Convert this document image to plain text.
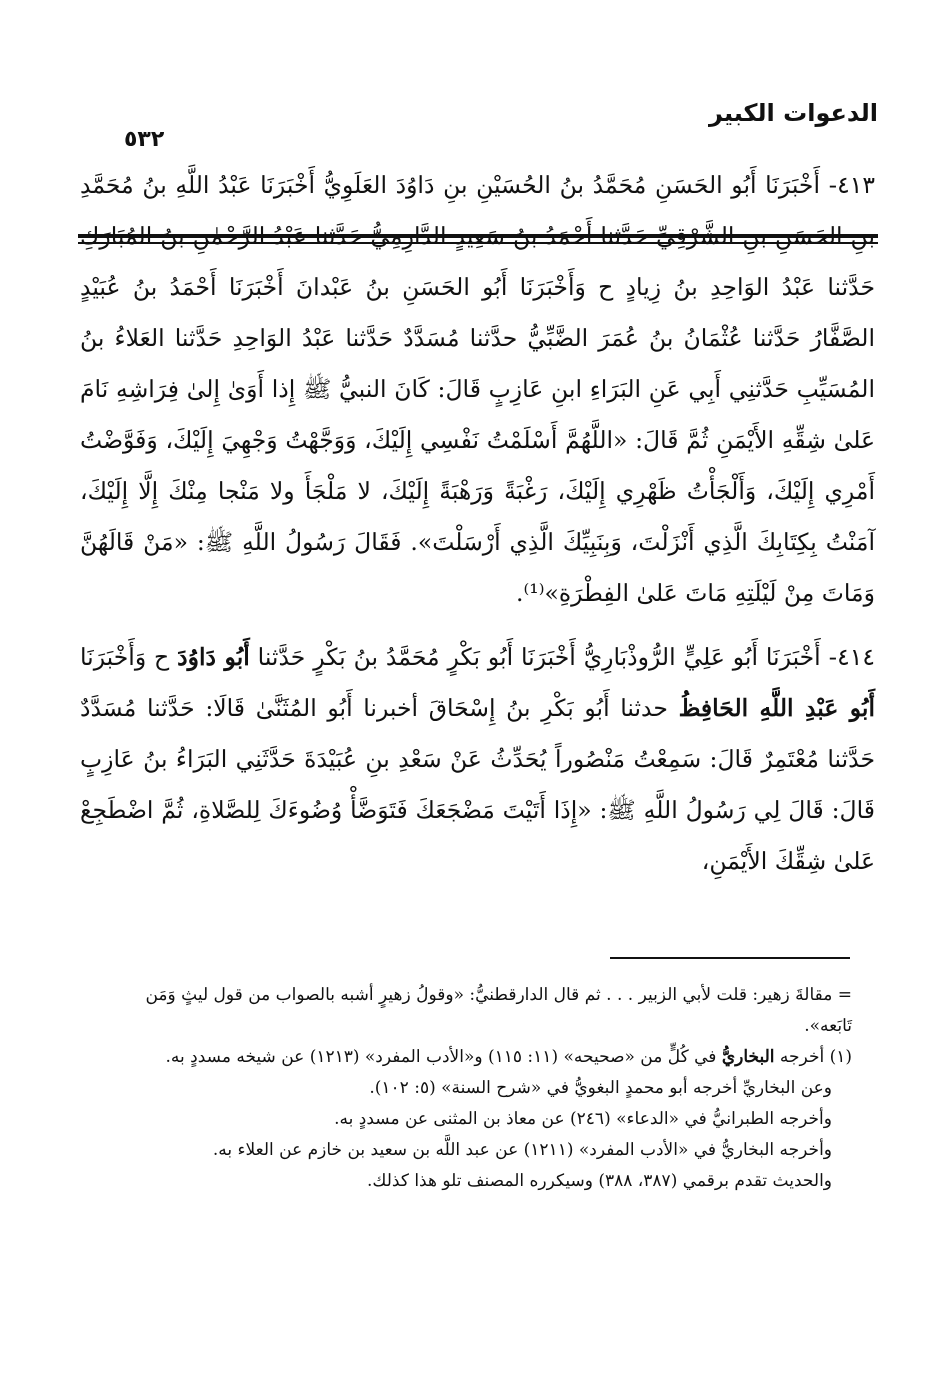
الدعوات الكبير
٥٣٢

٤١٣- أَخْبَرَنَا أَبُو الحَسَنِ مُحَمَّدُ بنُ الحُسَيْنِ بنِ دَاوُدَ العَلَوِيُّ أَخْبَرَنَا عَبْدُ اللَّهِ بنُ مُحَمَّدِ بنِ الحَسَنِ بنِ الشَّرْقِيِّ حَدَّثنا أَحْمَدُ بنُ سَعِيدٍ الدَّارِمِيُّ حَدَّثنا عَبْدُ الرَّحْمٰنِ بنُ المُبَارَكِ حَدَّثنا عَبْدُ الوَاحِدِ بنُ زِيادٍ ح وَأَخْبَرَنَا أَبُو الحَسَنِ بنُ عَبْدانَ أَخْبَرَنَا أَحْمَدُ بنُ عُبَيْدٍ الصَّفَّارُ حَدَّثنا عُثْمَانُ بنُ عُمَرَ الضَّبِّيُّ حدَّثنا مُسَدَّدٌ حَدَّثنا عَبْدُ الوَاحِدِ حَدَّثنا العَلاءُ بنُ المُسَيِّبِ حَدَّثنِي أَبِي عَنِ البَرَاءِ ابنِ عَازِبٍ قَالَ: كَانَ النبيُّ ﷺ إِذا أَوَىٰ إِلىٰ فِرَاشِهِ نَامَ عَلىٰ شِقِّهِ الأَيْمَنِ ثُمَّ قَالَ: «اللَّهُمَّ أَسْلَمْتُ نَفْسِي إِلَيْكَ، وَوَجَّهْتُ وَجْهِيَ إِلَيْكَ، وَفَوَّضْتُ أَمْرِي إِلَيْكَ، وَأَلْجَأْتُ ظَهْرِي إِلَيْكَ، رَغْبَةً وَرَهْبَةً إِلَيْكَ، لا مَلْجَأَ ولا مَنْجا مِنْكَ إِلَّا إِلَيْكَ، آمَنْتُ بِكِتَابِكَ الَّذِي أَنْزَلْتَ، وَبِنَبِيِّكَ الَّذِي أَرْسَلْتَ». فَقَالَ رَسُولُ اللَّهِ ﷺ: «مَنْ قَالَهُنَّ وَمَاتَ مِنْ لَيْلَتِهِ مَاتَ عَلىٰ الفِطْرَةِ»⁽¹⁾.

٤١٤- أَخْبَرَنَا أَبُو عَلِيٍّ الرُّوذْبَارِيُّ أَخْبَرَنَا أَبُو بَكْرٍ مُحَمَّدُ بنُ بَكْرٍ حَدَّثنا أَبُو دَاوُدَ ح وَأَخْبَرَنَا أَبُو عَبْدِ اللَّهِ الحَافِظُ حدثنا أَبُو بَكْرِ بنُ إِسْحَاقَ أخبرنا أَبُو المُثَنَّىٰ قَالَا: حَدَّثنا مُسَدَّدٌ حَدَّثنا مُعْتَمِرٌ قَالَ: سَمِعْتُ مَنْصُوراً يُحَدِّثُ عَنْ سَعْدِ بنِ عُبَيْدَةَ حَدَّثَنِي البَرَاءُ بنُ عَازِبٍ قَالَ: قَالَ لِي رَسُولُ اللَّهِ ﷺ: «إِذَا أَتَيْتَ مَضْجَعَكَ فَتَوَضَّأْ وُضُوءَكَ لِلصَّلاةِ، ثُمَّ اضْطَجِعْ عَلىٰ شِقِّكَ الأَيْمَنِ،

= مقالةَ زهير: قلت لأبي الزبير . . . ثم قال الدارقطنيُّ: «وقولُ زهيرٍ أشبه بالصواب من قول ليثٍ وَمَن تَابَعه».

(١) أخرجه البخاريُّ في كُلٍّ من «صحيحه» (١١: ١١٥) و«الأدب المفرد» (١٢١٣) عن شيخه مسددٍ به.

وعن البخاريِّ أخرجه أبو محمدٍ البغويُّ في «شرح السنة» (٥: ١٠٢).

وأخرجه الطبرانيُّ في «الدعاء» (٢٤٦) عن معاذ بن المثنى عن مسددٍ به.

وأخرجه البخاريُّ في «الأدب المفرد» (١٢١١) عن عبد اللَّه بن سعيد بن خازم عن العلاء به.

والحديث تقدم برقمي (٣٨٧، ٣٨٨) وسيكرره المصنف تلو هذا كذلك.
